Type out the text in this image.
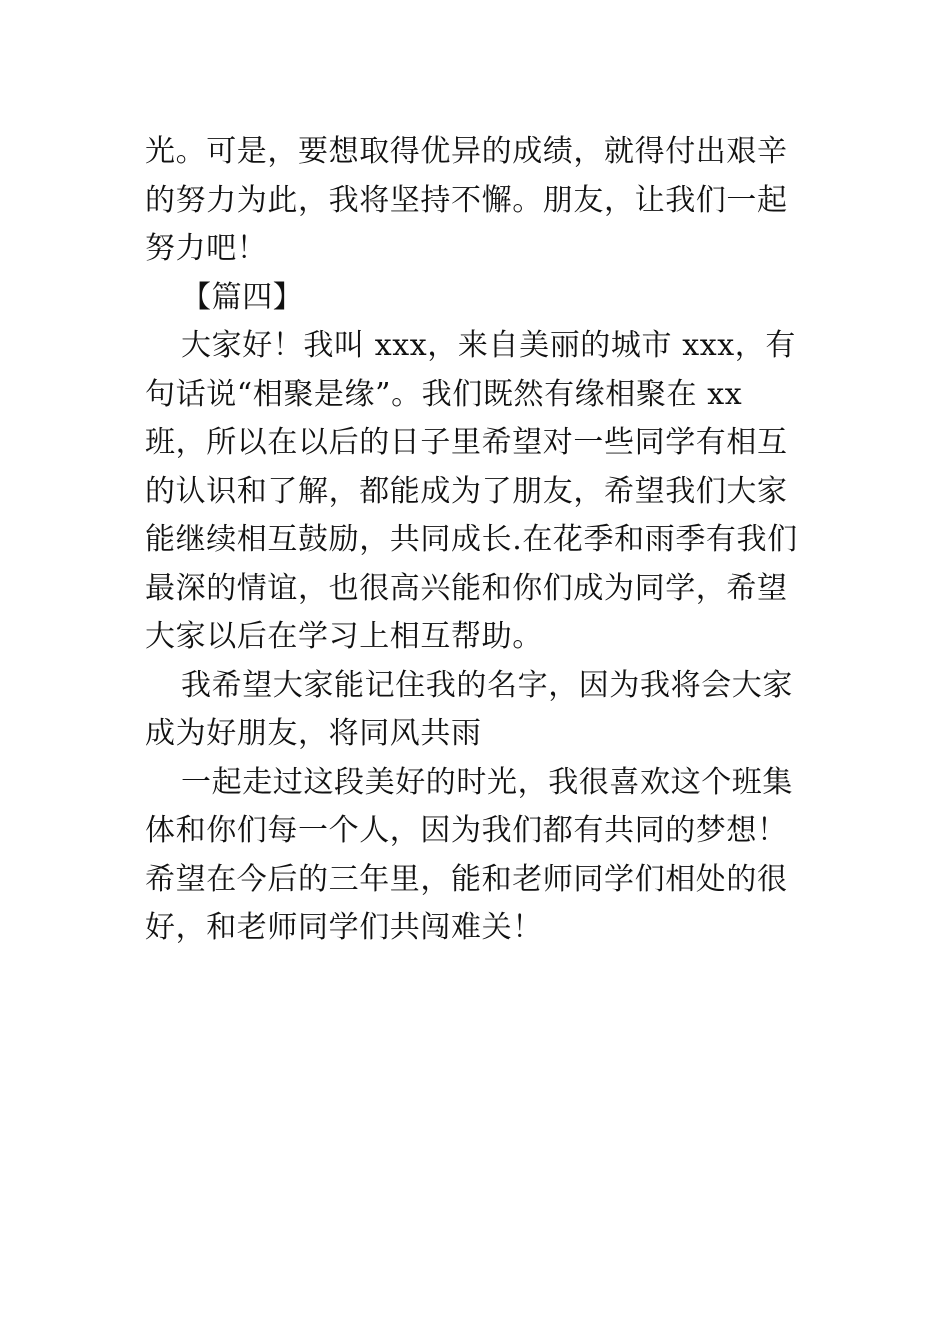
光。可是，要想取得优异的成绩，就得付出艰辛的努力为此，我将坚持不懈。朋友，让我们一起努力吧！

【篇四】

大家好！我叫 xxx，来自美丽的城市 xxx，有句话说“相聚是缘”。我们既然有缘相聚在 xx 班，所以在以后的日子里希望对一些同学有相互的认识和了解，都能成为了朋友，希望我们大家能继续相互鼓励，共同成长.在花季和雨季有我们最深的情谊，也很高兴能和你们成为同学，希望大家以后在学习上相互帮助。

我希望大家能记住我的名字，因为我将会大家成为好朋友，将同风共雨

一起走过这段美好的时光，我很喜欢这个班集体和你们每一个人，因为我们都有共同的梦想！希望在今后的三年里，能和老师同学们相处的很好，和老师同学们共闯难关！
